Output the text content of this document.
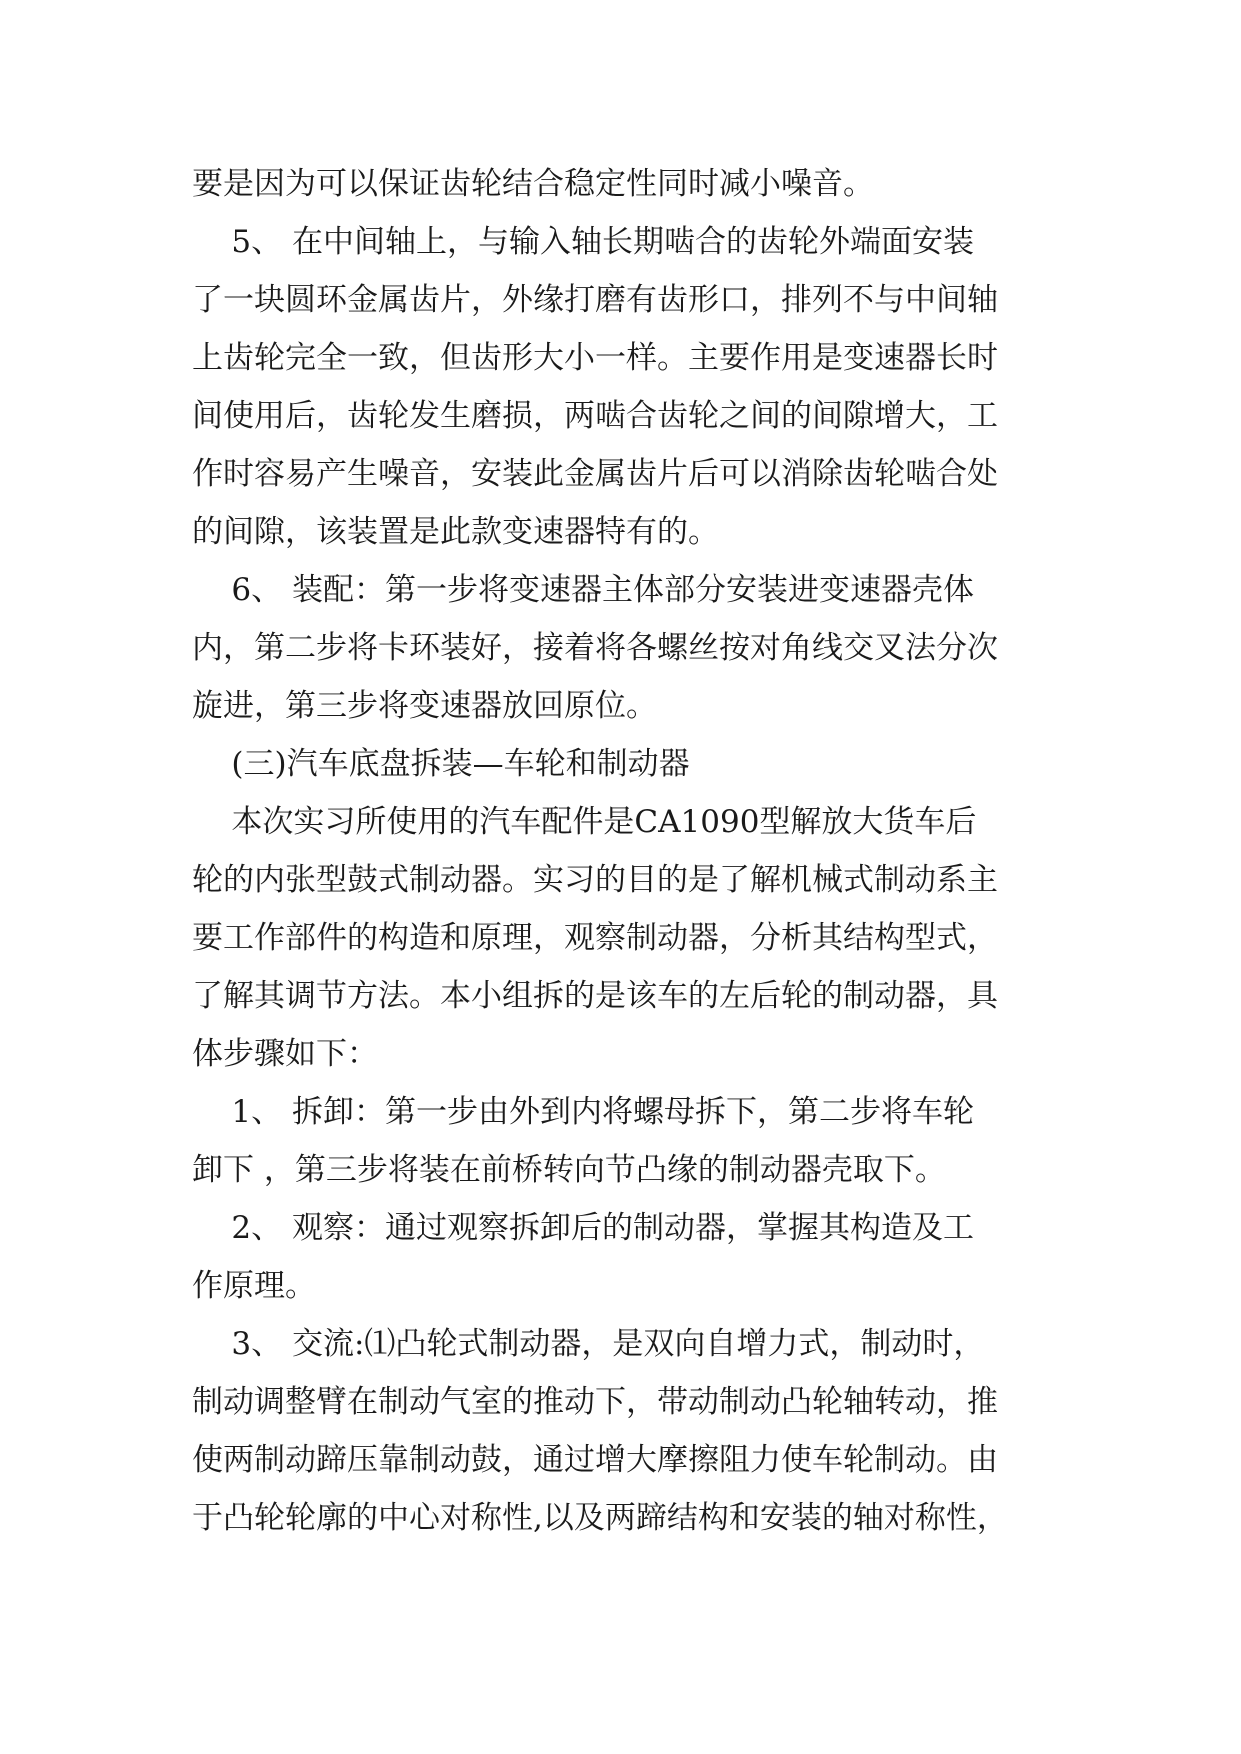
要是因为可以保证齿轮结合稳定性同时减小噪音。
5、 在中间轴上，与输入轴长期啮合的齿轮外端面安装
了一块圆环金属齿片，外缘打磨有齿形口，排列不与中间轴
上齿轮完全一致，但齿形大小一样。主要作用是变速器长时
间使用后，齿轮发生磨损，两啮合齿轮之间的间隙增大，工
作时容易产生噪音，安装此金属齿片后可以消除齿轮啮合处
的间隙，该装置是此款变速器特有的。
6、 装配：第一步将变速器主体部分安装进变速器壳体
内，第二步将卡环装好，接着将各螺丝按对角线交叉法分次
旋进，第三步将变速器放回原位。
(三)汽车底盘拆装—车轮和制动器
本次实习所使用的汽车配件是CA1090型解放大货车后
轮的内张型鼓式制动器。实习的目的是了解机械式制动系主
要工作部件的构造和原理，观察制动器，分析其结构型式，
了解其调节方法。本小组拆的是该车的左后轮的制动器，具
体步骤如下：
1、 拆卸：第一步由外到内将螺母拆下，第二步将车轮
卸下 ，第三步将装在前桥转向节凸缘的制动器壳取下。
2、 观察：通过观察拆卸后的制动器，掌握其构造及工
作原理。
3、 交流:⑴凸轮式制动器，是双向自增力式，制动时，
制动调整臂在制动气室的推动下，带动制动凸轮轴转动，推
使两制动蹄压靠制动鼓，通过增大摩擦阻力使车轮制动。由
于凸轮轮廓的中心对称性,以及两蹄结构和安装的轴对称性，
